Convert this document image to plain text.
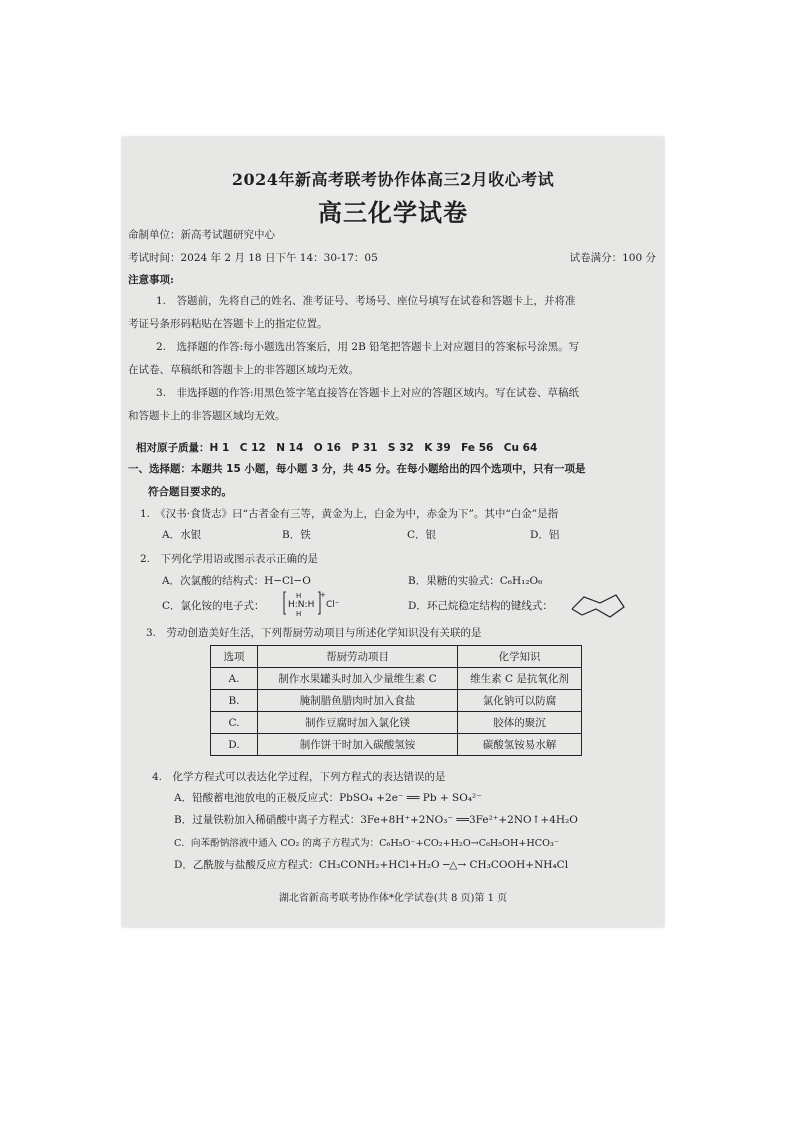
2024年新高考联考协作体高三2月收心考试
高三化学试卷
命制单位：新高考试题研究中心
考试时间：2024 年 2 月 18 日下午 14：30-17：05	试卷满分：100 分
注意事项:
1.　答题前，先将自己的姓名、准考证号、考场号、座位号填写在试卷和答题卡上，并将准
考证号条形码粘贴在答题卡上的指定位置。
2.　选择题的作答:每小题选出答案后，用 2B 铅笔把答题卡上对应题目的答案标号涂黑。写
在试卷、草稿纸和答题卡上的非答题区域均无效。
3.　非选择题的作答:用黑色签字笔直接答在答题卡上对应的答题区域内。写在试卷、草稿纸
和答题卡上的非答题区域均无效。
相对原子质量：H 1　C 12　N 14　O 16　P 31　S 32　K 39　Fe 56　Cu 64
一、选择题：本题共 15 小题，每小题 3 分，共 45 分。在每小题给出的四个选项中，只有一项是
符合题目要求的。
1.　《汉书·食货志》曰“古者金有三等，黄金为上，白金为中，赤金为下”。其中“白金”是指
A．水银	B．铁	C．银	D．铝
2.　下列化学用语或图示表示正确的是
A．次氯酸的结构式：H−Cl−O	B．果糖的实验式：C₆H₁₂O₆
C．氯化铵的电子式：	H:N:H
H
H
+
Cl⁻	D．环己烷稳定结构的键线式：
3.　劳动创造美好生活，下列帮厨劳动项目与所述化学知识没有关联的是
选项	帮厨劳动项目	化学知识
A.	制作水果罐头时加入少量维生素 C	维生素 C 是抗氧化剂
B.	腌制腊鱼腊肉时加入食盐	氯化钠可以防腐
C.	制作豆腐时加入氯化镁	胶体的聚沉
D.	制作饼干时加入碳酸氢铵	碳酸氢铵易水解
4.　化学方程式可以表达化学过程，下列方程式的表达错误的是
A．铅酸蓄电池放电的正极反应式：PbSO₄ +2e⁻ ══ Pb + SO₄²⁻
B．过量铁粉加入稀硝酸中离子方程式：3Fe+8H⁺+2NO₃⁻ ══3Fe²⁺+2NO↑+4H₂O
C．向苯酚钠溶液中通入 CO₂ 的离子方程式为：C₆H₅O⁻+CO₂+H₂O→C₆H₅OH+HCO₃⁻
D．乙酰胺与盐酸反应方程式：CH₃CONH₂+HCl+H₂O ─△→ CH₃COOH+NH₄Cl
湖北省新高考联考协作体*化学试卷(共 8 页)第 1 页
